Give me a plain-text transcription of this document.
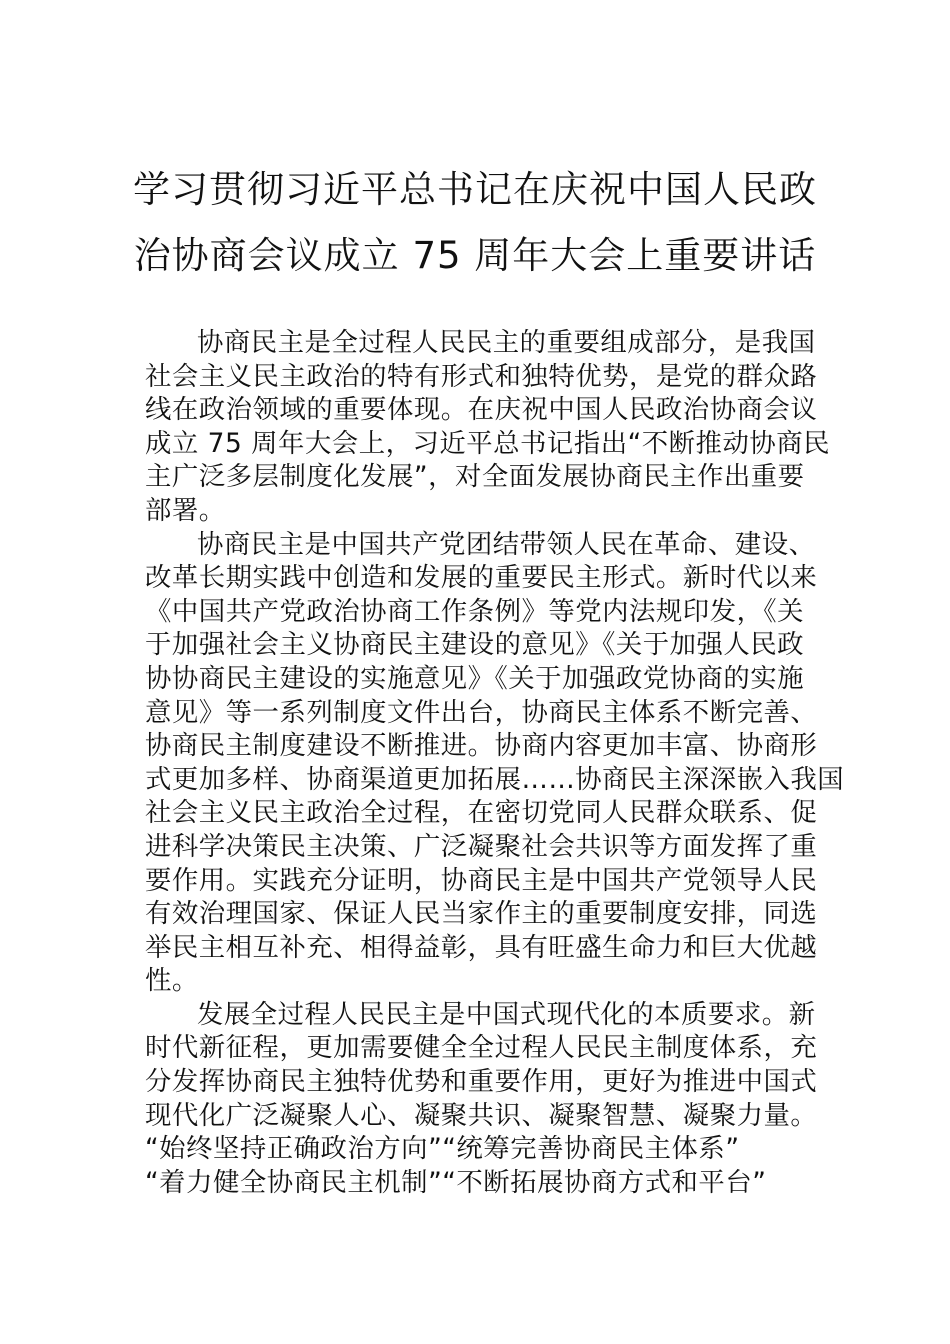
学习贯彻习近平总书记在庆祝中国人民政
治协商会议成立 75 周年大会上重要讲话
协商民主是全过程人民民主的重要组成部分，是我国
社会主义民主政治的特有形式和独特优势，是党的群众路
线在政治领域的重要体现。在庆祝中国人民政治协商会议
成立 75 周年大会上，习近平总书记指出“不断推动协商民
主广泛多层制度化发展”，对全面发展协商民主作出重要
部署。
协商民主是中国共产党团结带领人民在革命、建设、
改革长期实践中创造和发展的重要民主形式。新时代以来
《中国共产党政治协商工作条例》等党内法规印发，《关
于加强社会主义协商民主建设的意见》《关于加强人民政
协协商民主建设的实施意见》《关于加强政党协商的实施
意见》等一系列制度文件出台，协商民主体系不断完善、
协商民主制度建设不断推进。协商内容更加丰富、协商形
式更加多样、协商渠道更加拓展……协商民主深深嵌入我国
社会主义民主政治全过程，在密切党同人民群众联系、促
进科学决策民主决策、广泛凝聚社会共识等方面发挥了重
要作用。实践充分证明，协商民主是中国共产党领导人民
有效治理国家、保证人民当家作主的重要制度安排，同选
举民主相互补充、相得益彰，具有旺盛生命力和巨大优越
性。
发展全过程人民民主是中国式现代化的本质要求。新
时代新征程，更加需要健全全过程人民民主制度体系，充
分发挥协商民主独特优势和重要作用，更好为推进中国式
现代化广泛凝聚人心、凝聚共识、凝聚智慧、凝聚力量。
“始终坚持正确政治方向”“统筹完善协商民主体系”
“着力健全协商民主机制”“不断拓展协商方式和平台”
